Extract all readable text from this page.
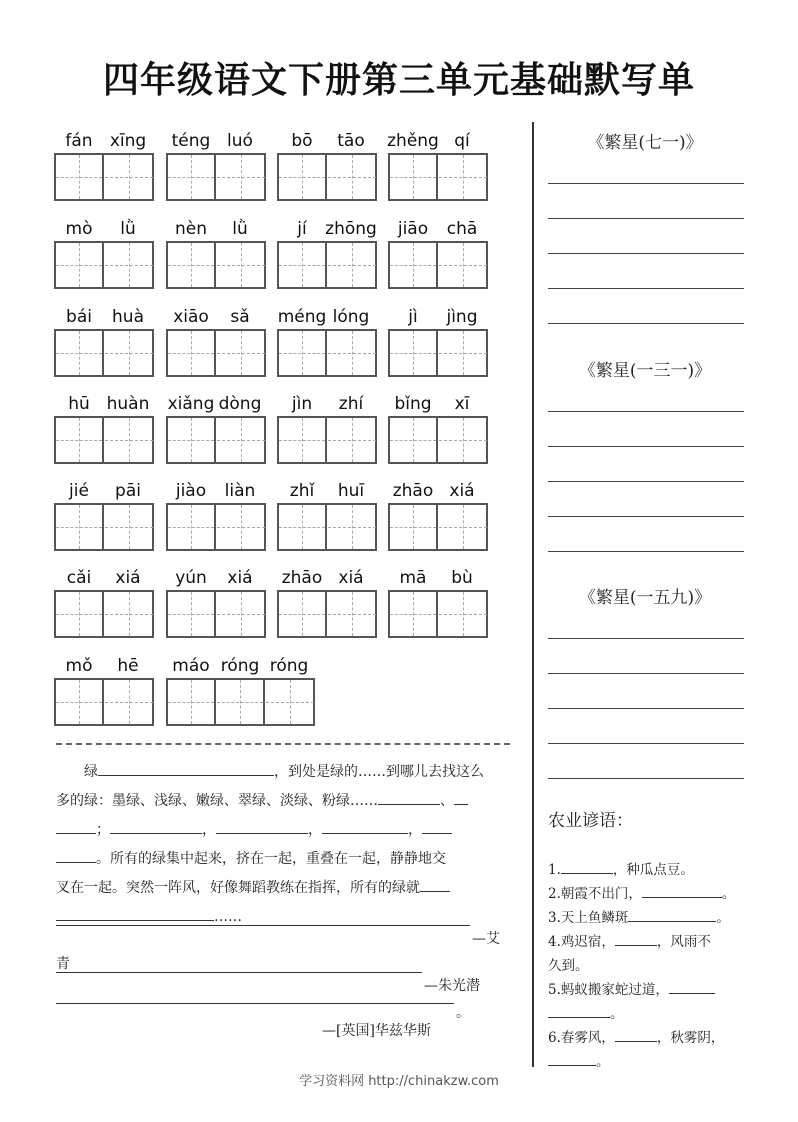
四年级语文下册第三单元基础默写单
fán	xīng	téng luó	bō	tāo	zhěng qí
mò	lǜ	nèn	lǜ	jí	zhōng	jiāo	chā
bái	huà	xiāo	sǎ	méng lóng	jì	jìng
hū huàn	xiǎng dòng	jìn	zhí	bǐng	xī
jié	pāi	jiào	liàn	zhǐ	huī	zhāo xiá
cǎi	xiá	yún	xiá	zhāo xiá	mā	bù
mǒ	hē	máo róng róng

绿	，到处是绿的……到哪儿去找这么

多的绿：墨绿、浅绿、嫩绿、翠绿、淡绿、粉绿……	、

；	，	，	，

。所有的绿集中起来，挤在一起，重叠在一起，静静地交

叉在一起。突然一阵风，好像舞蹈教练在指挥，所有的绿就

……

—艾
青
—朱光潜
。
—[英国]华兹华斯
《繁星(七一)》
《繁星(一三一)》
《繁星(一五九)》
农业谚语：
1.	，种瓜点豆。
2.朝霞不出门，	。
3.天上鱼鳞斑	。
4.鸡迟宿，	，风雨不
久到。
5.蚂蚁搬家蛇过道，
。
6.春雾风，	，秋雾阴，
。
学习资料网 http://chinakzw.com
